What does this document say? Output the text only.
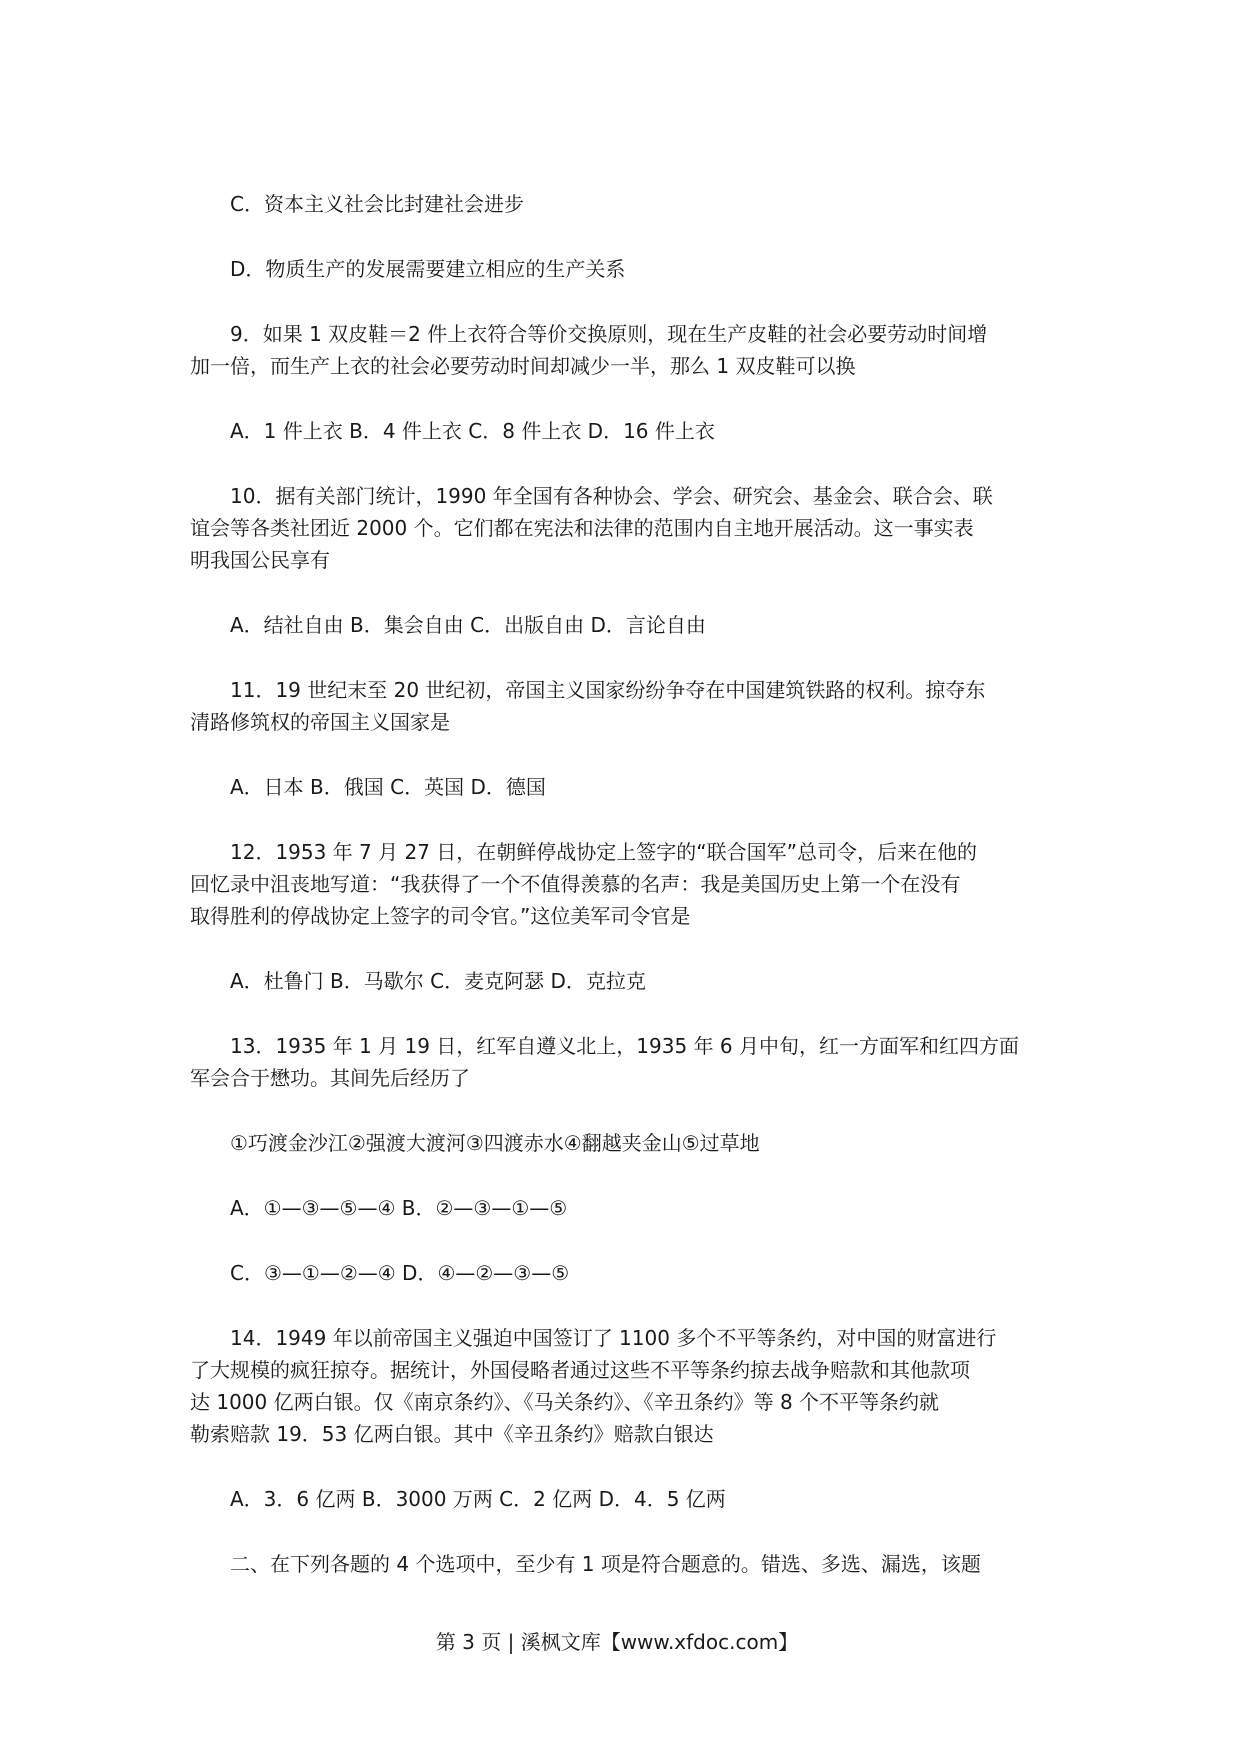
C．资本主义社会比封建社会进步

D．物质生产的发展需要建立相应的生产关系

9．如果 1 双皮鞋＝2 件上衣符合等价交换原则，现在生产皮鞋的社会必要劳动时间增
加一倍，而生产上衣的社会必要劳动时间却减少一半，那么 1 双皮鞋可以换

A．1 件上衣 B．4 件上衣 C．8 件上衣 D．16 件上衣

10．据有关部门统计，1990 年全国有各种协会、学会、研究会、基金会、联合会、联
谊会等各类社团近 2000 个。它们都在宪法和法律的范围内自主地开展活动。这一事实表
明我国公民享有

A．结社自由 B．集会自由 C．出版自由 D．言论自由

11．19 世纪末至 20 世纪初，帝国主义国家纷纷争夺在中国建筑铁路的权利。掠夺东
清路修筑权的帝国主义国家是

A．日本 B．俄国 C．英国 D．德国

12．1953 年 7 月 27 日，在朝鲜停战协定上签字的“联合国军”总司令，后来在他的
回忆录中沮丧地写道：“我获得了一个不值得羡慕的名声：我是美国历史上第一个在没有
取得胜利的停战协定上签字的司令官。”这位美军司令官是

A．杜鲁门 B．马歇尔 C．麦克阿瑟 D．克拉克

13．1935 年 1 月 19 日，红军自遵义北上，1935 年 6 月中旬，红一方面军和红四方面
军会合于懋功。其间先后经历了

①巧渡金沙江②强渡大渡河③四渡赤水④翻越夹金山⑤过草地

A．①—③—⑤—④ B．②—③—①—⑤

C．③—①—②—④ D．④—②—③—⑤

14．1949 年以前帝国主义强迫中国签订了 1100 多个不平等条约，对中国的财富进行
了大规模的疯狂掠夺。据统计，外国侵略者通过这些不平等条约掠去战争赔款和其他款项
达 1000 亿两白银。仅《南京条约》、《马关条约》、《辛丑条约》等 8 个不平等条约就
勒索赔款 19．53 亿两白银。其中《辛丑条约》赔款白银达

A．3．6 亿两 B．3000 万两 C．2 亿两 D．4．5 亿两

二、在下列各题的 4 个选项中，至少有 1 项是符合题意的。错选、多选、漏选，该题

第 3 页 | 溪枫文库【www.xfdoc.com】
